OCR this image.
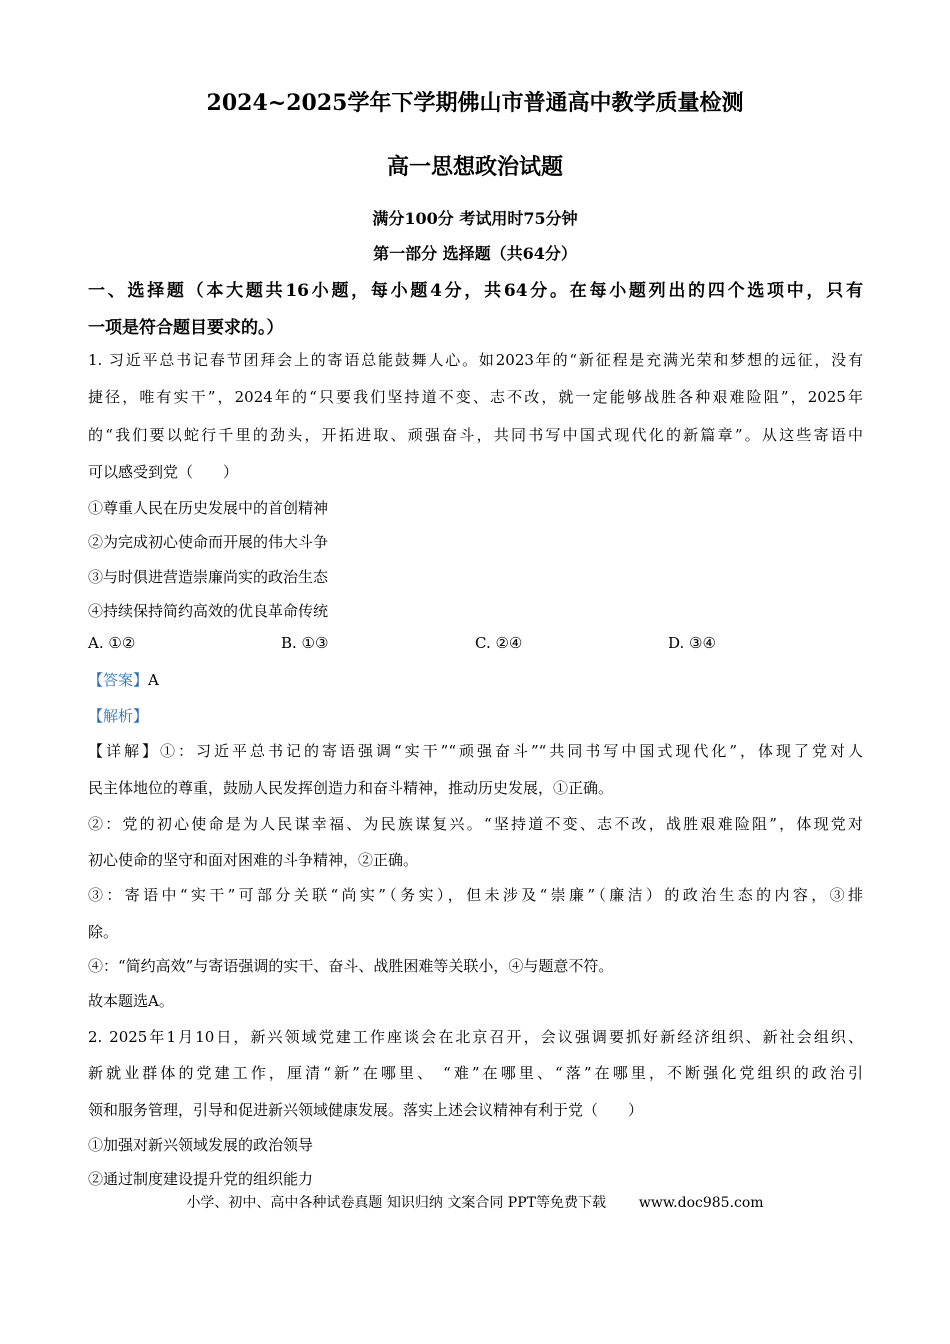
2024~2025学年下学期佛山市普通高中教学质量检测
高一思想政治试题
满分100分 考试用时75分钟
第一部分 选择题（共64分）
一、选择题（本大题共16小题，每小题4分，共64分。在每小题列出的四个选项中，只有
一项是符合题目要求的。）
1. 习近平总书记春节团拜会上的寄语总能鼓舞人心。如2023年的“新征程是充满光荣和梦想的远征，没有
捷径，唯有实干”，2024年的“只要我们坚持道不变、志不改，就一定能够战胜各种艰难险阻”，2025年
的“我们要以蛇行千里的劲头，开拓进取、顽强奋斗，共同书写中国式现代化的新篇章”。从这些寄语中
可以感受到党（　　）
①尊重人民在历史发展中的首创精神
②为完成初心使命而开展的伟大斗争
③与时俱进营造崇廉尚实的政治生态
④持续保持简约高效的优良革命传统
A. ①②	B. ①③	C. ②④	D. ③④
【答案】A
【解析】
【详解】①：习近平总书记的寄语强调“实干”“顽强奋斗”“共同书写中国式现代化”，体现了党对人
民主体地位的尊重，鼓励人民发挥创造力和奋斗精神，推动历史发展，①正确。
②：党的初心使命是为人民谋幸福、为民族谋复兴。“坚持道不变、志不改，战胜艰难险阻”，体现党对
初心使命的坚守和面对困难的斗争精神，②正确。
③：寄语中“实干”可部分关联“尚实”（务实），但未涉及“崇廉”（廉洁）的政治生态的内容，③排
除。
④：“简约高效”与寄语强调的实干、奋斗、战胜困难等关联小，④与题意不符。
故本题选A。
2. 2025年1月10日，新兴领域党建工作座谈会在北京召开，会议强调要抓好新经济组织、新社会组织、
新就业群体的党建工作，厘清“新”在哪里、 “难”在哪里、“落”在哪里，不断强化党组织的政治引
领和服务管理，引导和促进新兴领域健康发展。落实上述会议精神有利于党（　　）
①加强对新兴领域发展的政治领导
②通过制度建设提升党的组织能力
小学、初中、高中各种试卷真题 知识归纳 文案合同 PPT等免费下载 www.doc985.com
